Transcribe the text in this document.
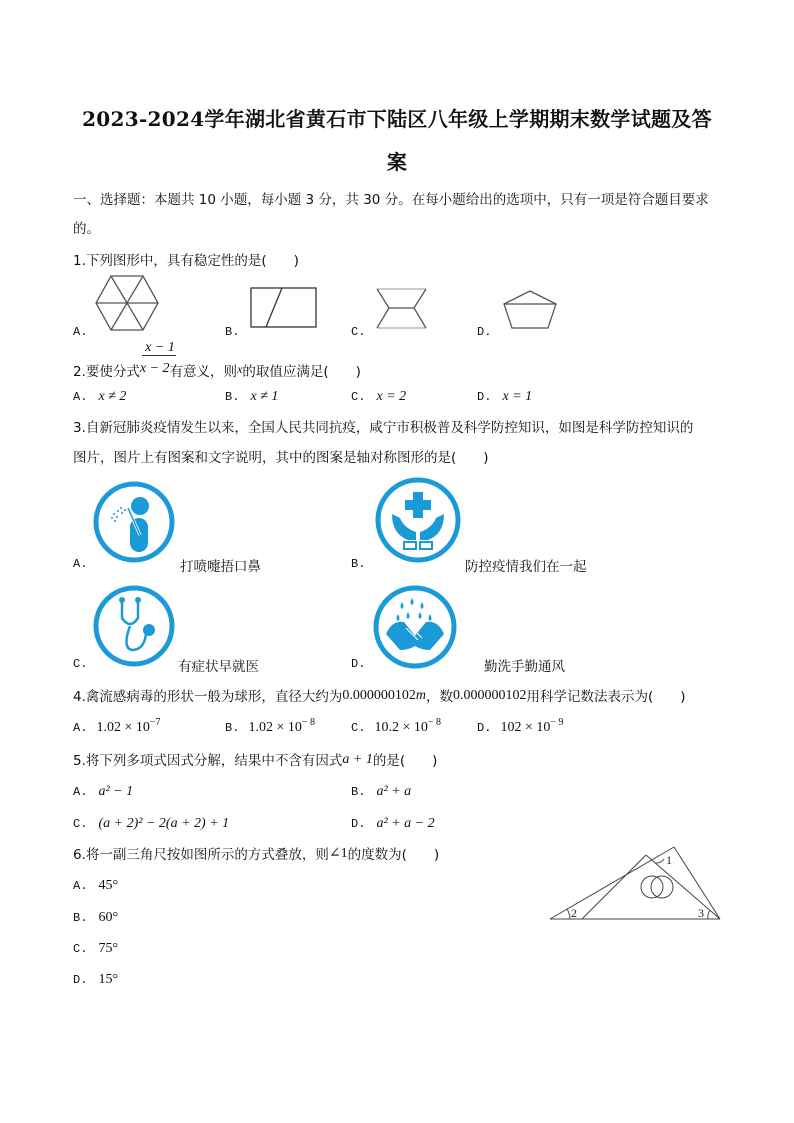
2023-2024学年湖北省黄石市下陆区八年级上学期期末数学试题及答
案
一、选择题：本题共 10 小题，每小题 3 分，共 30 分。在每小题给出的选项中，只有一项是符合题目要求
的。
1.下列图形中，具有稳定性的是(　　)
A.	B.	C.	D.
x − 1
2.要使分式x − 2有意义，则x的取值应满足(　　)
A. x ≠ 2	B. x ≠ 1	C. x = 2	D. x = 1
3.自新冠肺炎疫情发生以来，全国人民共同抗疫，咸宁市积极普及科学防控知识，如图是科学防控知识的
图片，图片上有图案和文字说明，其中的图案是轴对称图形的是(　　)
A.	打喷嚏捂口鼻	B.	防控疫情我们在一起
C.	有症状早就医	D.	勤洗手勤通风
4.禽流感病毒的形状一般为球形，直径大约为0.000000102m，数0.000000102用科学记数法表示为(　　)
A. $1.02 \times 10^{-7}$	B. $1.02 \times 10^{- 8}$	C. $10.2 \times 10^{- 8}$	D. $102 \times 10^{- 9}$
5.将下列多项式因式分解，结果中不含有因式a + 1的是(　　)
A. a² − 1	B. a² + a
C. (a + 2)² − 2(a + 2) + 1	D. a² + a − 2
6.将一副三角尺按如图所示的方式叠放，则∠1的度数为(　　)
A. 45°
B. 60°
C. 75°
D. 15°
2	3
1
